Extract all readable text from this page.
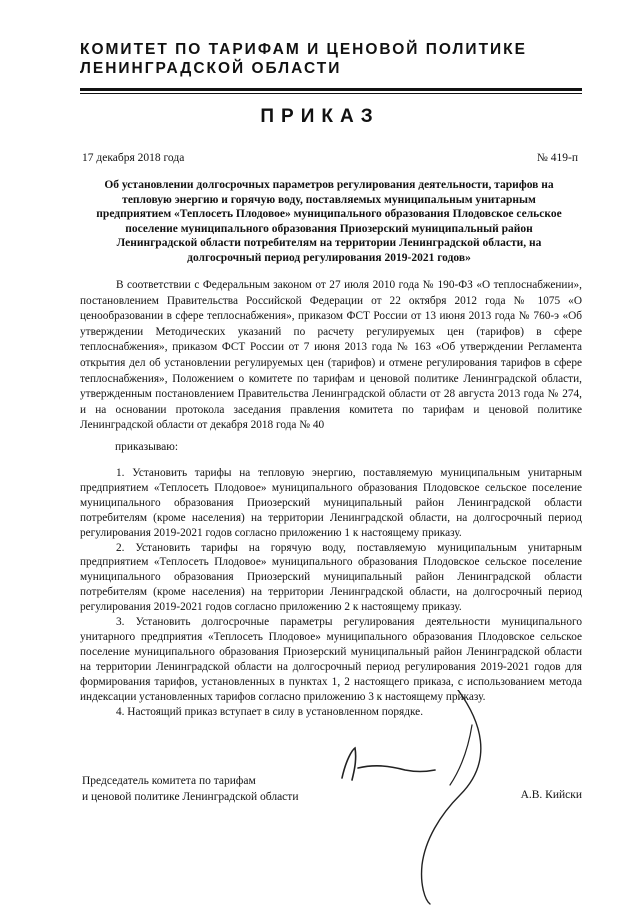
КОМИТЕТ ПО ТАРИФАМ И ЦЕНОВОЙ ПОЛИТИКЕ
ЛЕНИНГРАДСКОЙ ОБЛАСТИ
ПРИКАЗ
17 декабря 2018 года	№ 419-п
Об установлении долгосрочных параметров регулирования деятельности, тарифов на тепловую энергию и горячую воду, поставляемых муниципальным унитарным предприятием «Теплосеть Плодовое» муниципального образования Плодовское сельское поселение муниципального образования Приозерский муниципальный район Ленинградской области потребителям на территории Ленинградской области, на долгосрочный период регулирования 2019-2021 годов»

В соответствии с Федеральным законом от 27 июля 2010 года № 190-ФЗ «О теплоснабжении», постановлением Правительства Российской Федерации от 22 октября 2012 года № 1075 «О ценообразовании в сфере теплоснабжения», приказом ФСТ России от 13 июня 2013 года № 760-э «Об утверждении Методических указаний по расчету регулируемых цен (тарифов) в сфере теплоснабжения», приказом ФСТ России от 7 июня 2013 года № 163 «Об утверждении Регламента открытия дел об установлении регулируемых цен (тарифов) и отмене регулирования тарифов в сфере теплоснабжения», Положением о комитете по тарифам и ценовой политике Ленинградской области, утвержденным постановлением Правительства Ленинградской области от 28 августа 2013 года № 274, и на основании протокола заседания правления комитета по тарифам и ценовой политике Ленинградской области от декабря 2018 года № 40

приказываю:

1. Установить тарифы на тепловую энергию, поставляемую муниципальным унитарным предприятием «Теплосеть Плодовое» муниципального образования Плодовское сельское поселение муниципального образования Приозерский муниципальный район Ленинградской области потребителям (кроме населения) на территории Ленинградской области, на долгосрочный период регулирования 2019-2021 годов согласно приложению 1 к настоящему приказу.

2. Установить тарифы на горячую воду, поставляемую муниципальным унитарным предприятием «Теплосеть Плодовое» муниципального образования Плодовское сельское поселение муниципального образования Приозерский муниципальный район Ленинградской области потребителям (кроме населения) на территории Ленинградской области, на долгосрочный период регулирования 2019-2021 годов согласно приложению 2 к настоящему приказу.

3. Установить долгосрочные параметры регулирования деятельности муниципального унитарного предприятия «Теплосеть Плодовое» муниципального образования Плодовское сельское поселение муниципального образования Приозерский муниципальный район Ленинградской области на территории Ленинградской области на долгосрочный период регулирования 2019-2021 годов для формирования тарифов, установленных в пунктах 1, 2 настоящего приказа, с использованием метода индексации установленных тарифов согласно приложению 3 к настоящему приказу.

4. Настоящий приказ вступает в силу в установленном порядке.

Председатель комитета по тарифам
и ценовой политике Ленинградской области	А.В. Кийски
